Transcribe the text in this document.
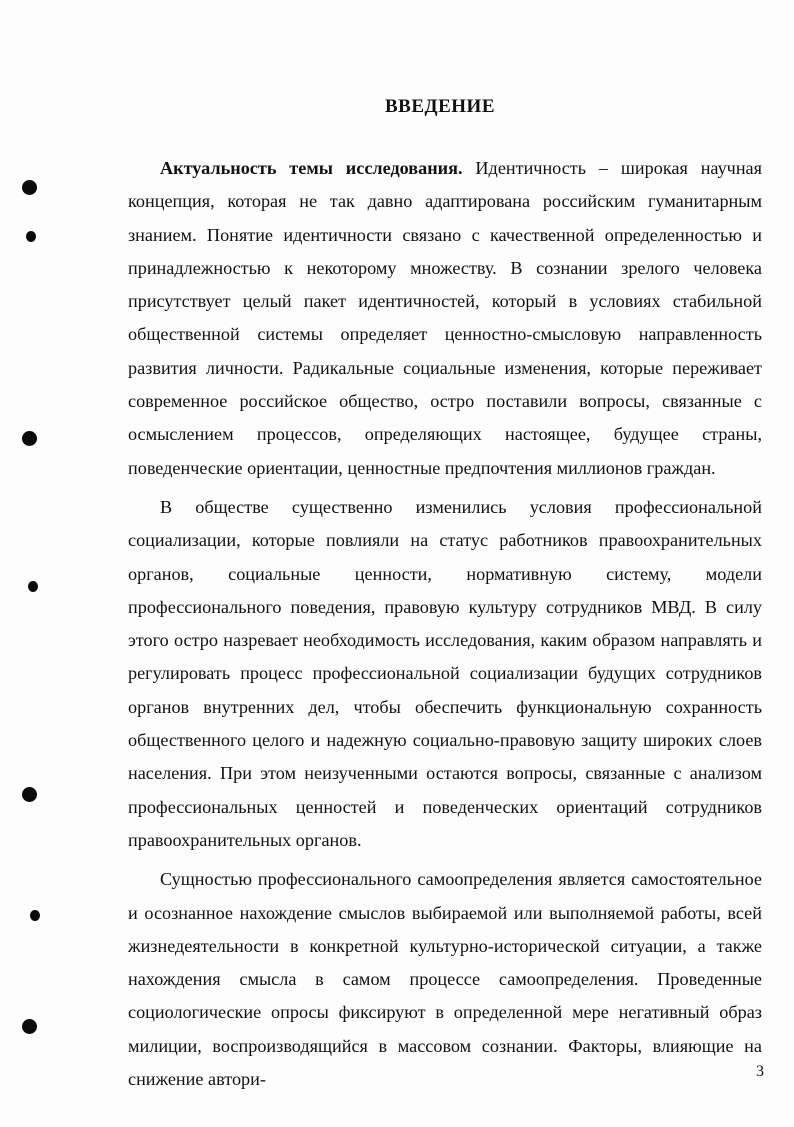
ВВЕДЕНИЕ

Актуальность темы исследования. Идентичность – широкая научная концепция, которая не так давно адаптирована российским гуманитарным знанием. Понятие идентичности связано с качественной определенностью и принадлежностью к некоторому множеству. В сознании зрелого человека присутствует целый пакет идентичностей, который в условиях стабильной общественной системы определяет ценностно-смысловую направленность развития личности. Радикальные социальные изменения, которые переживает современное российское общество, остро поставили вопросы, связанные с осмыслением процессов, определяющих настоящее, будущее страны, поведенческие ориентации, ценностные предпочтения миллионов граждан.

В обществе существенно изменились условия профессиональной социализации, которые повлияли на статус работников правоохранительных органов, социальные ценности, нормативную систему, модели профессионального поведения, правовую культуру сотрудников МВД. В силу этого остро назревает необходимость исследования, каким образом направлять и регулировать процесс профессиональной социализации будущих сотрудников органов внутренних дел, чтобы обеспечить функциональную сохранность общественного целого и надежную социально-правовую защиту широких слоев населения. При этом неизученными остаются вопросы, связанные с анализом профессиональных ценностей и поведенческих ориентаций сотрудников правоохранительных органов.

Сущностью профессионального самоопределения является самостоятельное и осознанное нахождение смыслов выбираемой или выполняемой работы, всей жизнедеятельности в конкретной культурно-исторической ситуации, а также нахождения смысла в самом процессе самоопределения. Проведенные социологические опросы фиксируют в определенной мере негативный образ милиции, воспроизводящийся в массовом сознании. Факторы, влияющие на снижение автори-	3
